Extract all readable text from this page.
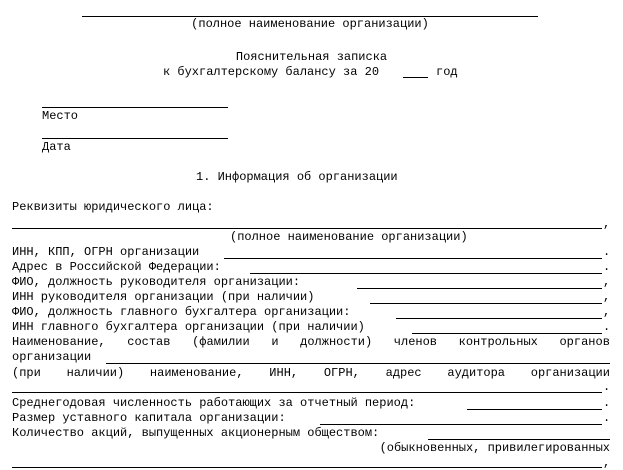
(полное наименование организации)
Пояснительная записка
к бухгалтерскому балансу за 20	год
Место
Дата
1. Информация об организации
Реквизиты юридического лица:
,
(полное наименование организации)
ИНН, КПП, ОГРН организации	.
Адрес в Российской Федерации:	.
ФИО, должность руководителя организации:	,
ИНН руководителя организации (при наличии)	,
ФИО, должность главного бухгалтера организации:	,
ИНН главного бухгалтера организации (при наличии)	.
Наименование, состав (фамилии и должности) членов контрольных органов
организации
(при наличии) наименование, ИНН, ОГРН, адрес аудитора организации
.
Среднегодовая численность работающих за отчетный период:	.
Размер уставного капитала организации:	.
Количество акций, выпущенных акционерным обществом:
(обыкновенных, привилегированных
,
